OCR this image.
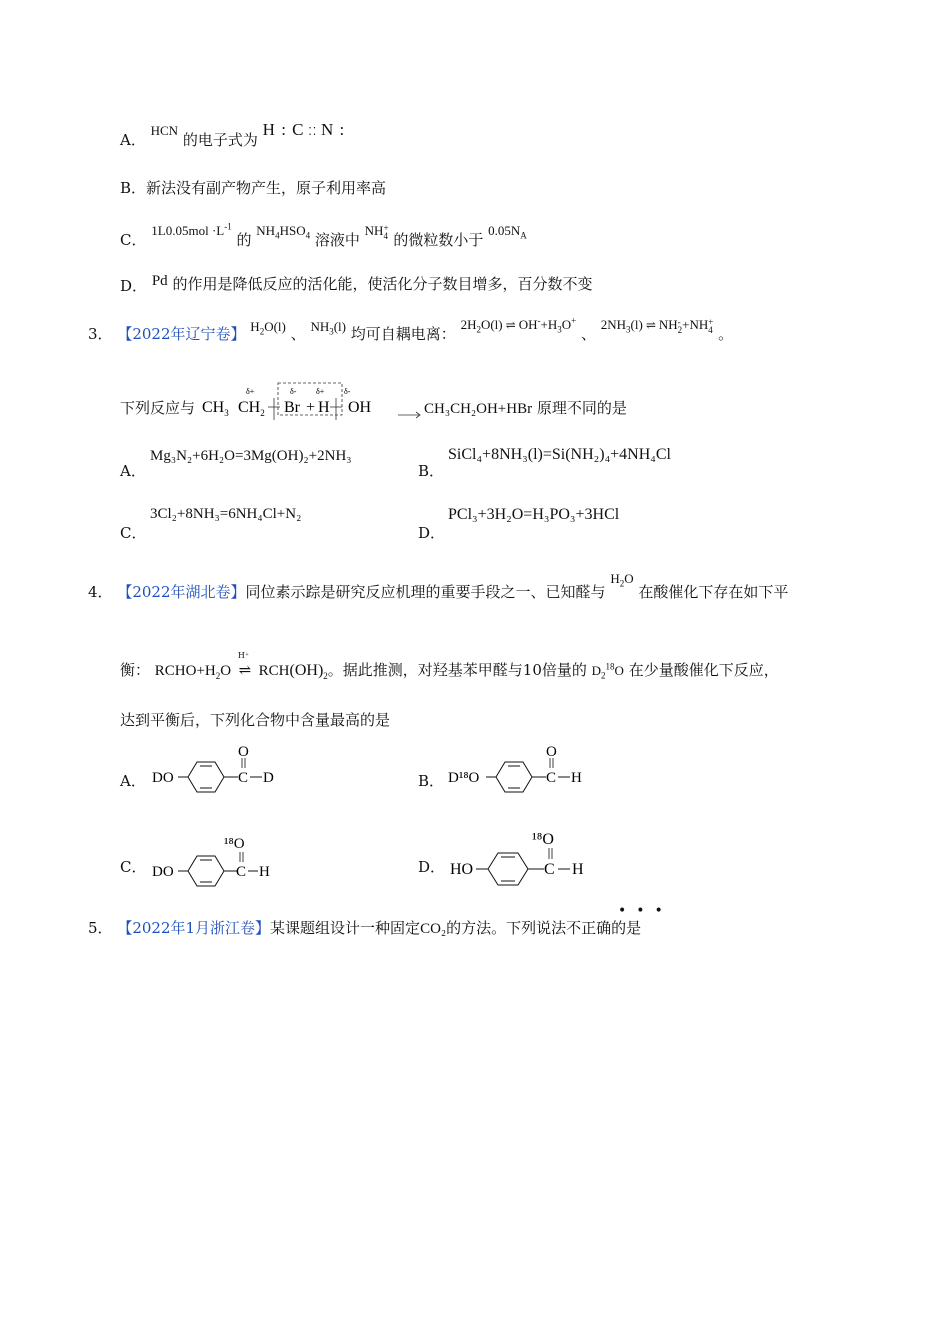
A． HCN 的电子式为 H : C ⁚⁚ N :
B．新法没有副产物产生，原子利用率高
C． $1L0.05mol \cdot L^{-1}$ 的 $NH_4HSO_4$ 溶液中 NH +
4 的微粒数小于 $0.05N_A$
D． Pd 的作用是降低反应的活化能，使活化分子数目增多，百分数不变
3． 【2022年辽宁卷】 $H_2O(l)$ 、 $NH_3(l)$ 均可自耦电离： $2H_2O(l)$ ⇌ $OH^-+H_3O^+$ 、 $2NH_3(l)$ ⇌ NH -
2 +NH +
4 。
下列反应与
δ+	δ- δ+ δ-
$CH_3$ $CH_2$ Br + H OH	CH₃CH₂OH+HBr 原理不同的是
A．
Mg₃N₂+6H₂O=3Mg(OH)₂+2NH₃
B．
SiCl₄+8NH₃(l)=Si(NH₂)₄+4NH₄Cl
C．
3Cl₂+8NH₃=6NH₄Cl+N₂
D．
PCl₃+3H₂O=H₃PO₃+3HCl
4． 【2022年湖北卷】同位素示踪是研究反应机理的重要手段之一、已知醛与 $H_2O$ 在酸催化下存在如下平
衡： $RCHO+H_2O$
H⁺
⇌ $RCH(OH)_2$。据此推测，对羟基苯甲醛与10倍量的 $D_2^{18}O$ 在少量酸催化下反应，
达到平衡后，下列化合物中含量最高的是
A． DO	C
O
D	B． D¹⁸O	C
O
H
C． DO	C
¹⁸O
H	D． HO	C
¹⁸O
H
5． 【2022年1月浙江卷】某课题组设计一种固定CO₂的方法。下列说法不正确的是
•••
